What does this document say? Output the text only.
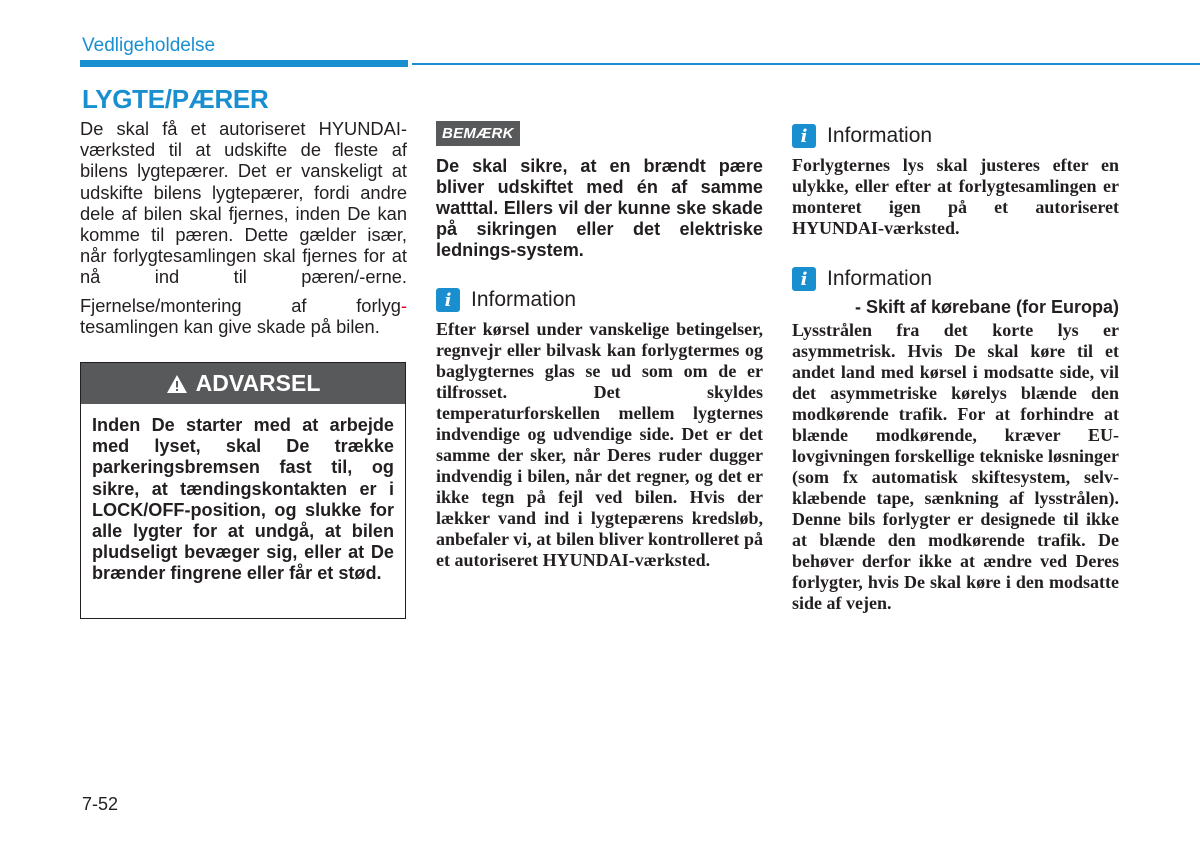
Vedligeholdelse
LYGTE/PÆRER

De skal få et autoriseret HYUNDAI-værksted til at udskifte de fleste af bilens lygtepærer. Det er vanskeligt at udskifte bilens lygtepærer, fordi andre dele af bilen skal fjernes, inden De kan komme til pæren. Dette gælder især, når forlygtesamlingen skal fjernes for at nå ind til pæren/-erne.

Fjernelse/montering af forlyg-tesamlingen kan give skade på bilen.

ADVARSEL

Inden De starter med at arbejde med lyset, skal De trække parkeringsbremsen fast til, og sikre, at tændingskontakten er i LOCK/OFF-position, og slukke for alle lygter for at undgå, at bilen pludseligt bevæger sig, eller at De brænder fingrene eller får et stød.

BEMÆRK

De skal sikre, at en brændt pære bliver udskiftet med én af samme watttal. Ellers vil der kunne ske skade på sikringen eller det elektriske lednings-system.

i Information

Efter kørsel under vanskelige betingelser, regnvejr eller bilvask kan forlygtermes og baglygternes glas se ud som om de er tilfrosset. Det skyldes temperaturforskellen mellem lygternes indvendige og udvendige side. Det er det samme der sker, når Deres ruder dugger indvendig i bilen, når det regner, og det er ikke tegn på fejl ved bilen. Hvis der lækker vand ind i lygtepærens kredsløb, anbefaler vi, at bilen bliver kontrolleret på et autoriseret HYUNDAI-værksted.

i Information

Forlygternes lys skal justeres efter en ulykke, eller efter at forlygtesamlingen er monteret igen på et autoriseret HYUNDAI-værksted.

i Information

- Skift af kørebane (for Europa)

Lysstrålen fra det korte lys er asymmetrisk. Hvis De skal køre til et andet land med kørsel i modsatte side, vil det asymmetriske kørelys blænde den modkørende trafik. For at forhindre at blænde modkørende, kræver EU-lovgivningen forskellige tekniske løsninger (som fx automatisk skiftesystem, selv-klæbende tape, sænkning af lysstrålen). Denne bils forlygter er designede til ikke at blænde den modkørende trafik. De behøver derfor ikke at ændre ved Deres forlygter, hvis De skal køre i den modsatte side af vejen.

7-52
